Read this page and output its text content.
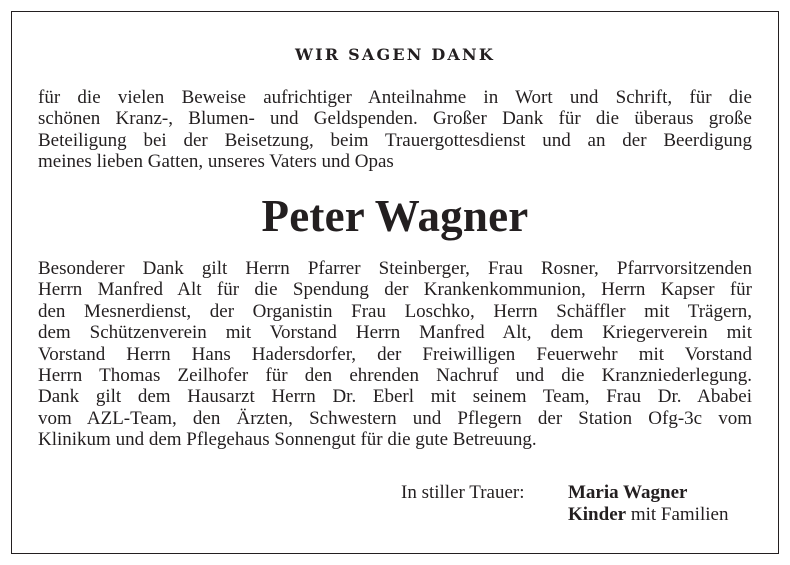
WIR SAGEN DANK
für die vielen Beweise aufrichtiger Anteilnahme in Wort und Schrift, für die
schönen Kranz-, Blumen- und Geldspenden. Großer Dank für die überaus große
Beteiligung bei der Beisetzung, beim Trauergottesdienst und an der Beerdigung
meines lieben Gatten, unseres Vaters und Opas
Peter Wagner
Besonderer Dank gilt Herrn Pfarrer Steinberger, Frau Rosner, Pfarrvorsitzenden
Herrn Manfred Alt für die Spendung der Krankenkommunion, Herrn Kapser für
den Mesnerdienst, der Organistin Frau Loschko, Herrn Schäffler mit Trägern,
dem Schützenverein mit Vorstand Herrn Manfred Alt, dem Kriegerverein mit
Vorstand Herrn Hans Hadersdorfer, der Freiwilligen Feuerwehr mit Vorstand
Herrn Thomas Zeilhofer für den ehrenden Nachruf und die Kranzniederlegung.
Dank gilt dem Hausarzt Herrn Dr. Eberl mit seinem Team, Frau Dr. Ababei
vom AZL-Team, den Ärzten, Schwestern und Pflegern der Station Ofg-3c vom
Klinikum und dem Pflegehaus Sonnengut für die gute Betreuung.
In stiller Trauer: Maria Wagner
Kinder mit Familien
